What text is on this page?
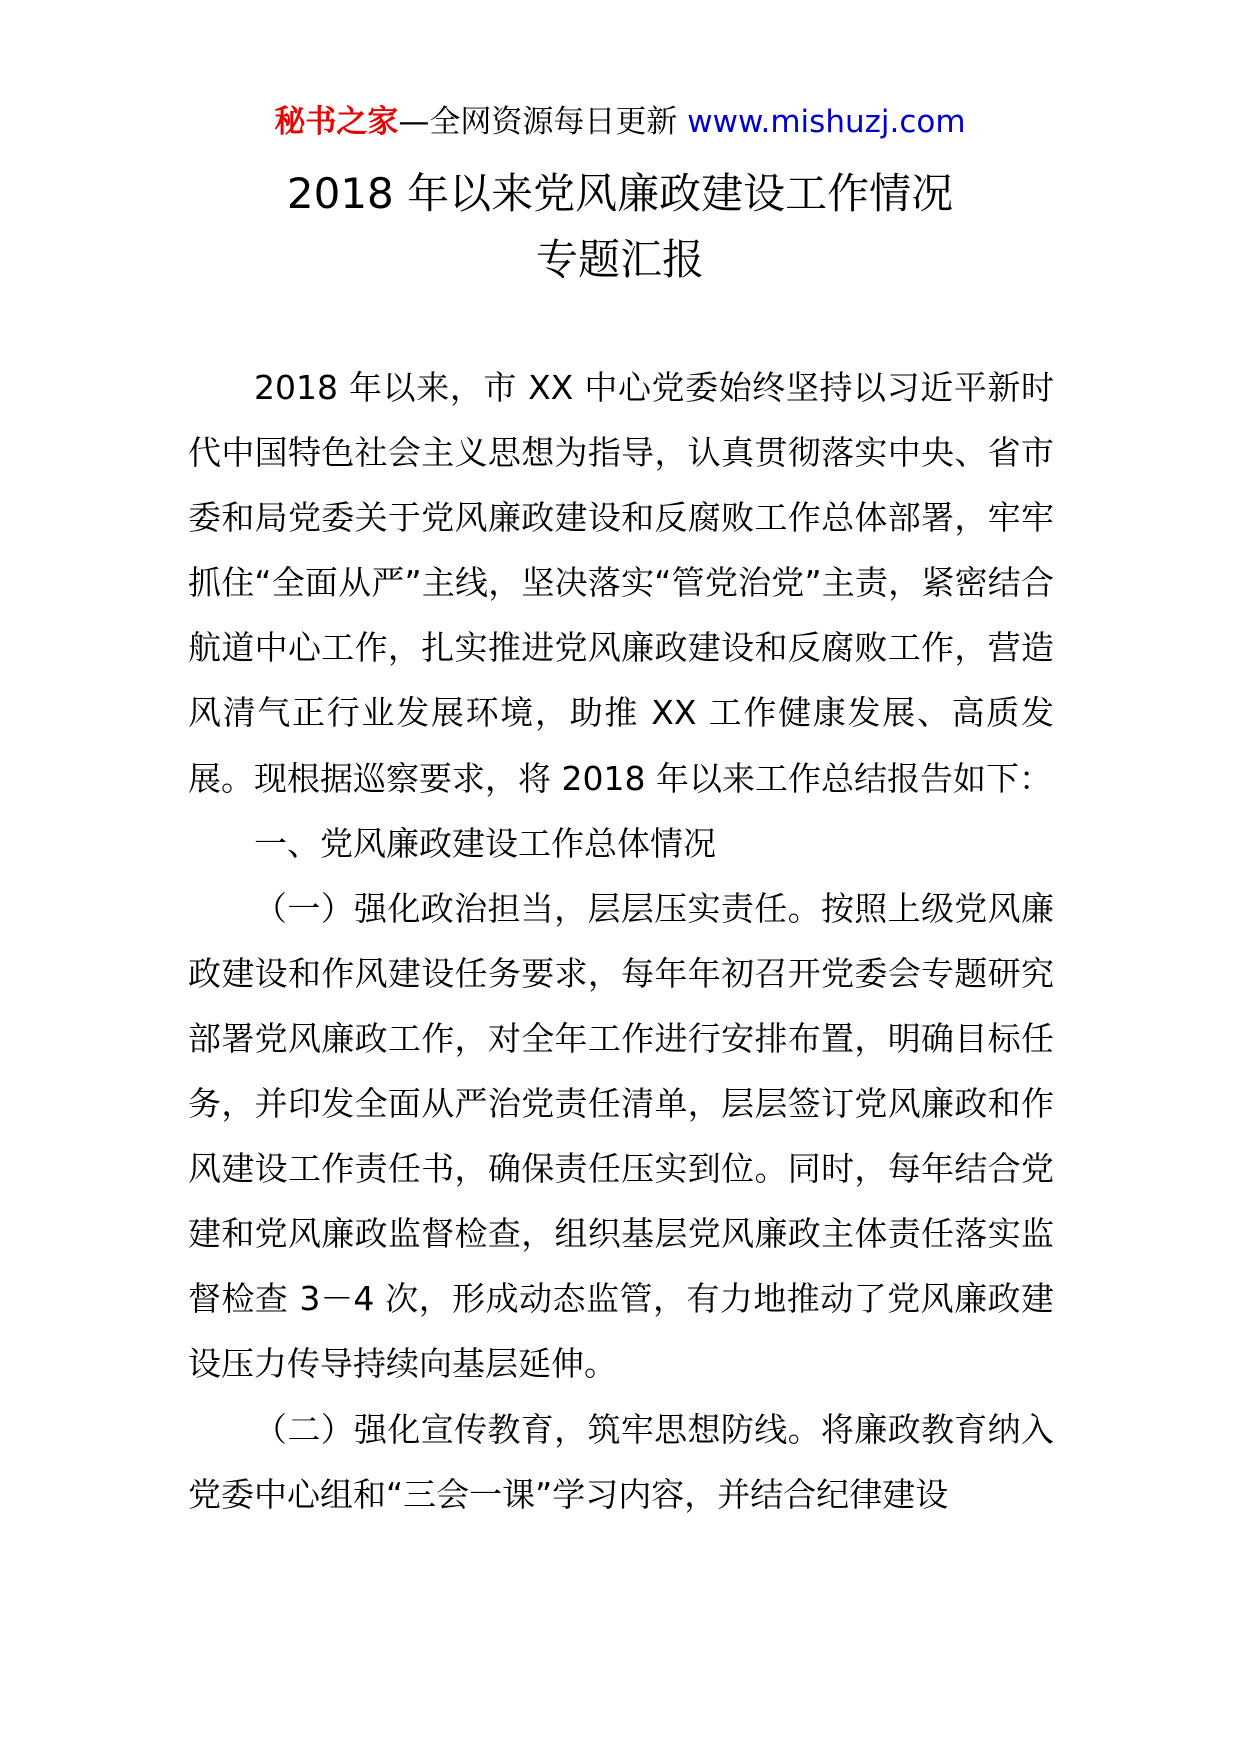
秘书之家—全网资源每日更新 www.mishuzj.com
2018 年以来党风廉政建设工作情况
专题汇报

2018 年以来，市 XX 中心党委始终坚持以习近平新时代中国特色社会主义思想为指导，认真贯彻落实中央、省市委和局党委关于党风廉政建设和反腐败工作总体部署，牢牢抓住“全面从严”主线，坚决落实“管党治党”主责，紧密结合航道中心工作，扎实推进党风廉政建设和反腐败工作，营造风清气正行业发展环境，助推 XX 工作健康发展、高质发展。现根据巡察要求，将 2018 年以来工作总结报告如下：

一、党风廉政建设工作总体情况

（一）强化政治担当，层层压实责任。按照上级党风廉政建设和作风建设任务要求，每年年初召开党委会专题研究部署党风廉政工作，对全年工作进行安排布置，明确目标任务，并印发全面从严治党责任清单，层层签订党风廉政和作风建设工作责任书，确保责任压实到位。同时，每年结合党建和党风廉政监督检查，组织基层党风廉政主体责任落实监督检查 3－4 次，形成动态监管，有力地推动了党风廉政建设压力传导持续向基层延伸。

（二）强化宣传教育，筑牢思想防线。将廉政教育纳入党委中心组和“三会一课”学习内容，并结合纪律建设
